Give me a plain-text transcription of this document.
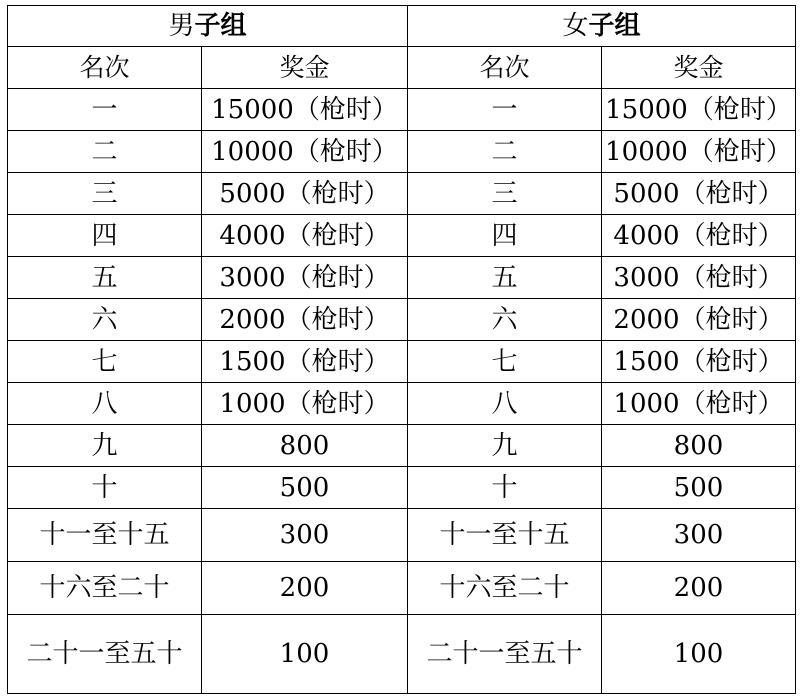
男子组		女子组	
名次	奖金	名次	奖金
一	15000（枪时）	一	15000（枪时）
二	10000（枪时）	二	10000（枪时）
三	5000（枪时）	三	5000（枪时）
四	4000（枪时）	四	4000（枪时）
五	3000（枪时）	五	3000（枪时）
六	2000（枪时）	六	2000（枪时）
七	1500（枪时）	七	1500（枪时）
八	1000（枪时）	八	1000（枪时）
九	800	九	800
十	500	十	500
十一至十五	300	十一至十五	300
十六至二十	200	十六至二十	200
二十一至五十	100	二十一至五十	100
